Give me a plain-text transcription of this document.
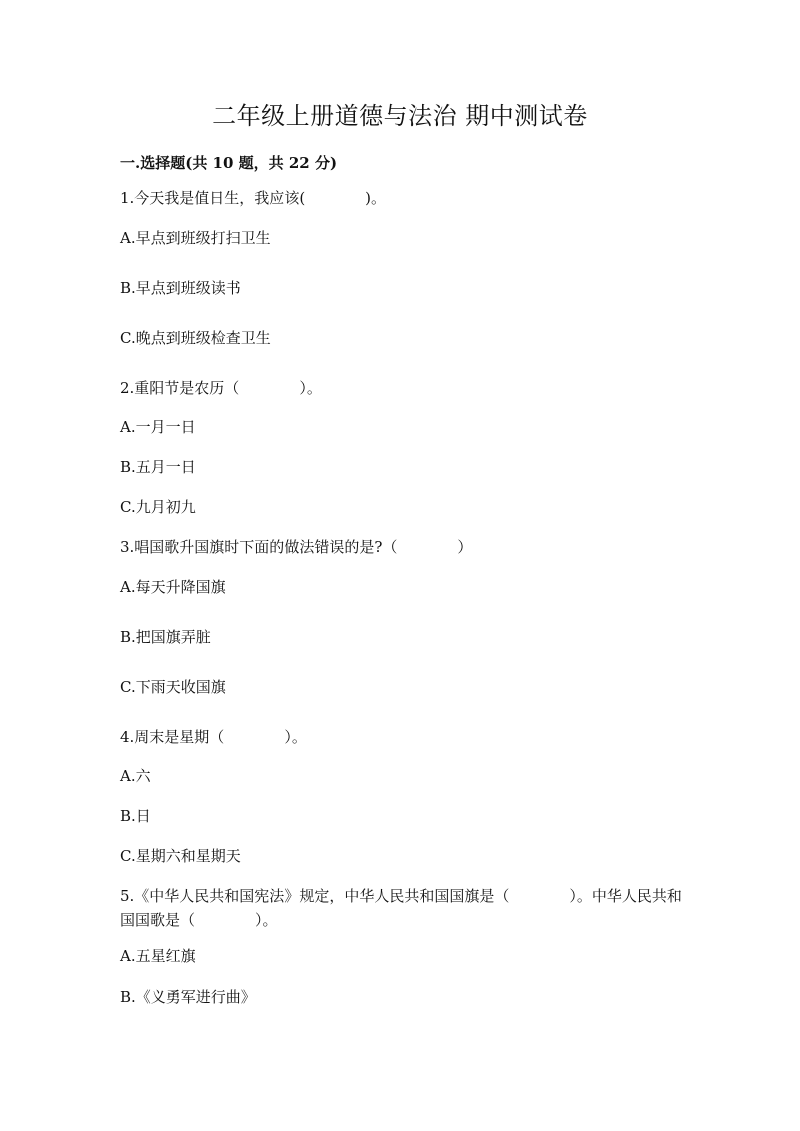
二年级上册道德与法治 期中测试卷
一.选择题(共 10 题，共 22 分)
1.今天我是值日生，我应该(　　　　)。
A.早点到班级打扫卫生
B.早点到班级读书
C.晚点到班级检查卫生
2.重阳节是农历（　　　　）。
A.一月一日
B.五月一日
C.九月初九
3.唱国歌升国旗时下面的做法错误的是?（　　　　）
A.每天升降国旗
B.把国旗弄脏
C.下雨天收国旗
4.周末是星期（　　　　）。
A.六
B.日
C.星期六和星期天
5.《中华人民共和国宪法》规定，中华人民共和国国旗是（　　　　）。中华人民共和国国歌是（　　　　）。
A.五星红旗
B.《义勇军进行曲》
